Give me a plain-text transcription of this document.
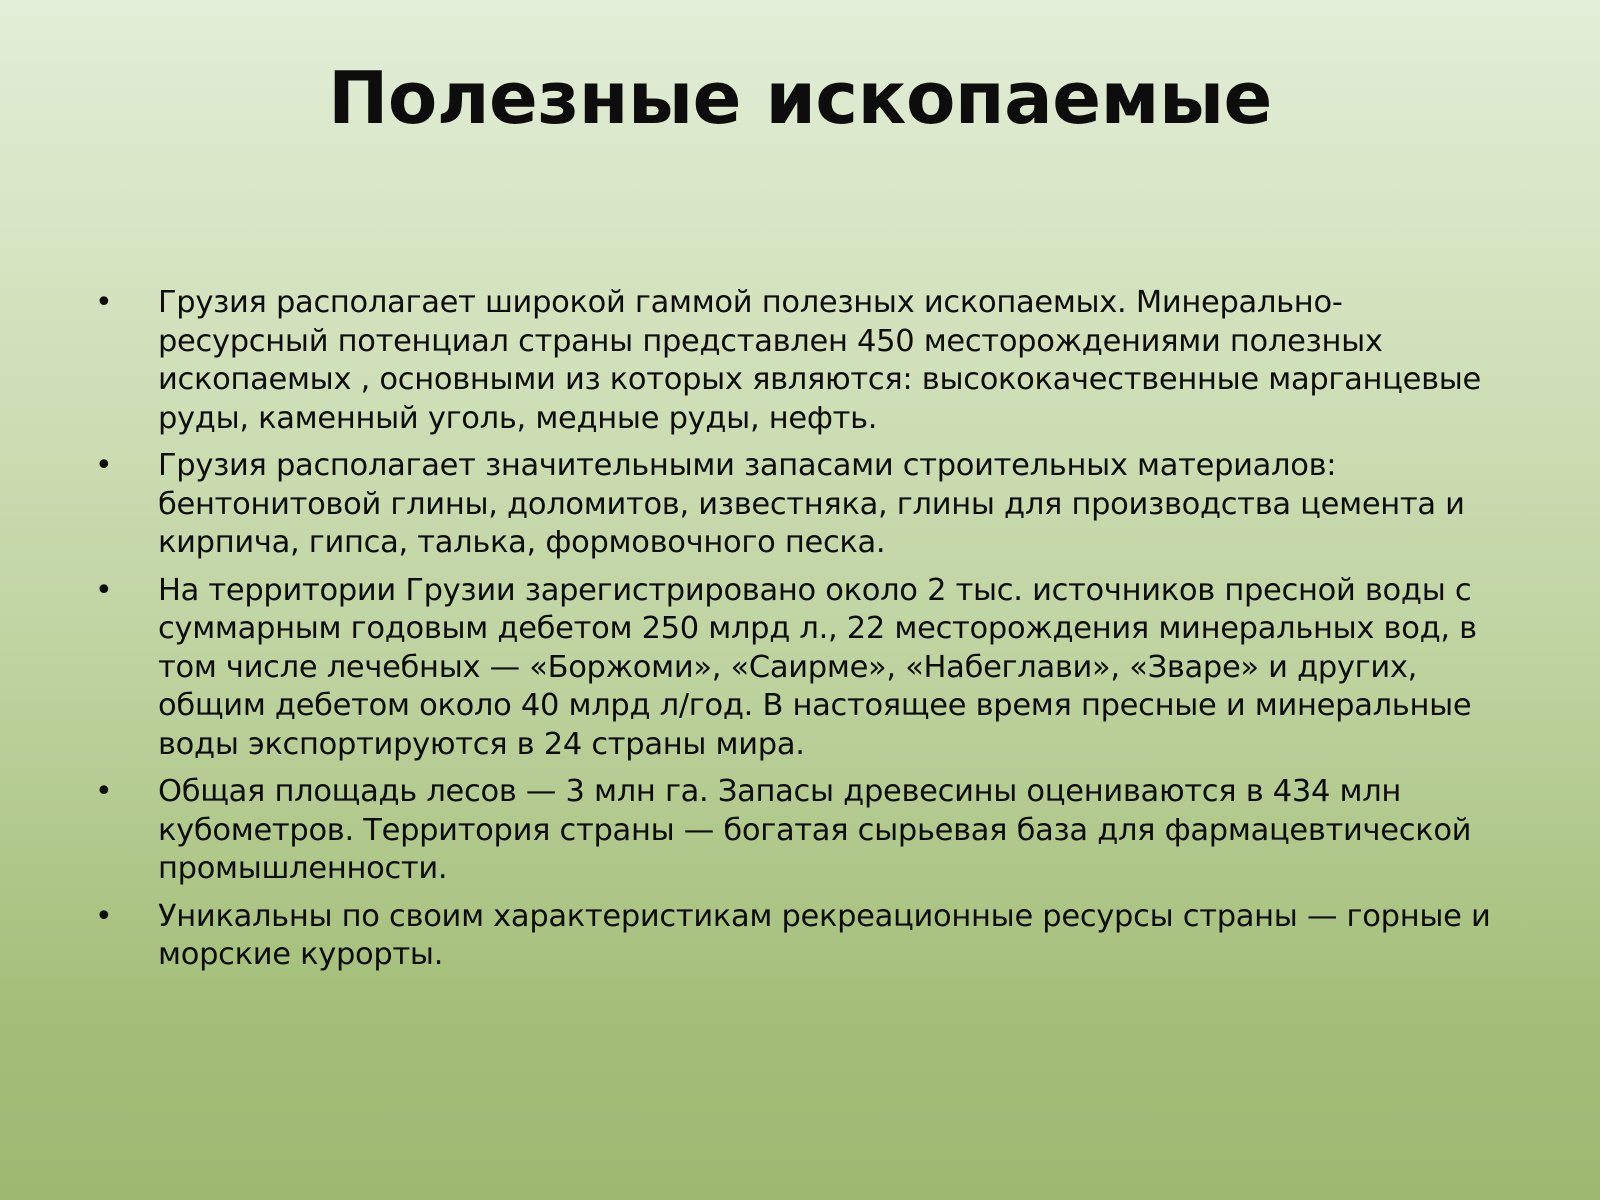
Полезные ископаемые
• Грузия располагает широкой гаммой полезных ископаемых. Минерально-ресурсный потенциал страны представлен 450 месторождениями полезных ископаемых , основными из которых являются: высококачественные марганцевые руды, каменный уголь, медные руды, нефть.
• Грузия располагает значительными запасами строительных материалов: бентонитовой глины, доломитов, известняка, глины для производства цемента и кирпича, гипса, талька, формовочного песка.
• На территории Грузии зарегистрировано около 2 тыс. источников пресной воды с суммарным годовым дебетом 250 млрд л., 22 месторождения минеральных вод, в том числе лечебных — «Боржоми», «Саирме», «Набеглави», «Зваре» и других, общим дебетом около 40 млрд л/год. В настоящее время пресные и минеральные воды экспортируются в 24 страны мира.
• Общая площадь лесов — 3 млн га. Запасы древесины оцениваются в 434 млн кубометров. Территория страны — богатая сырьевая база для фармацевтической промышленности.
• Уникальны по своим характеристикам рекреационные ресурсы страны — горные и морские курорты.
